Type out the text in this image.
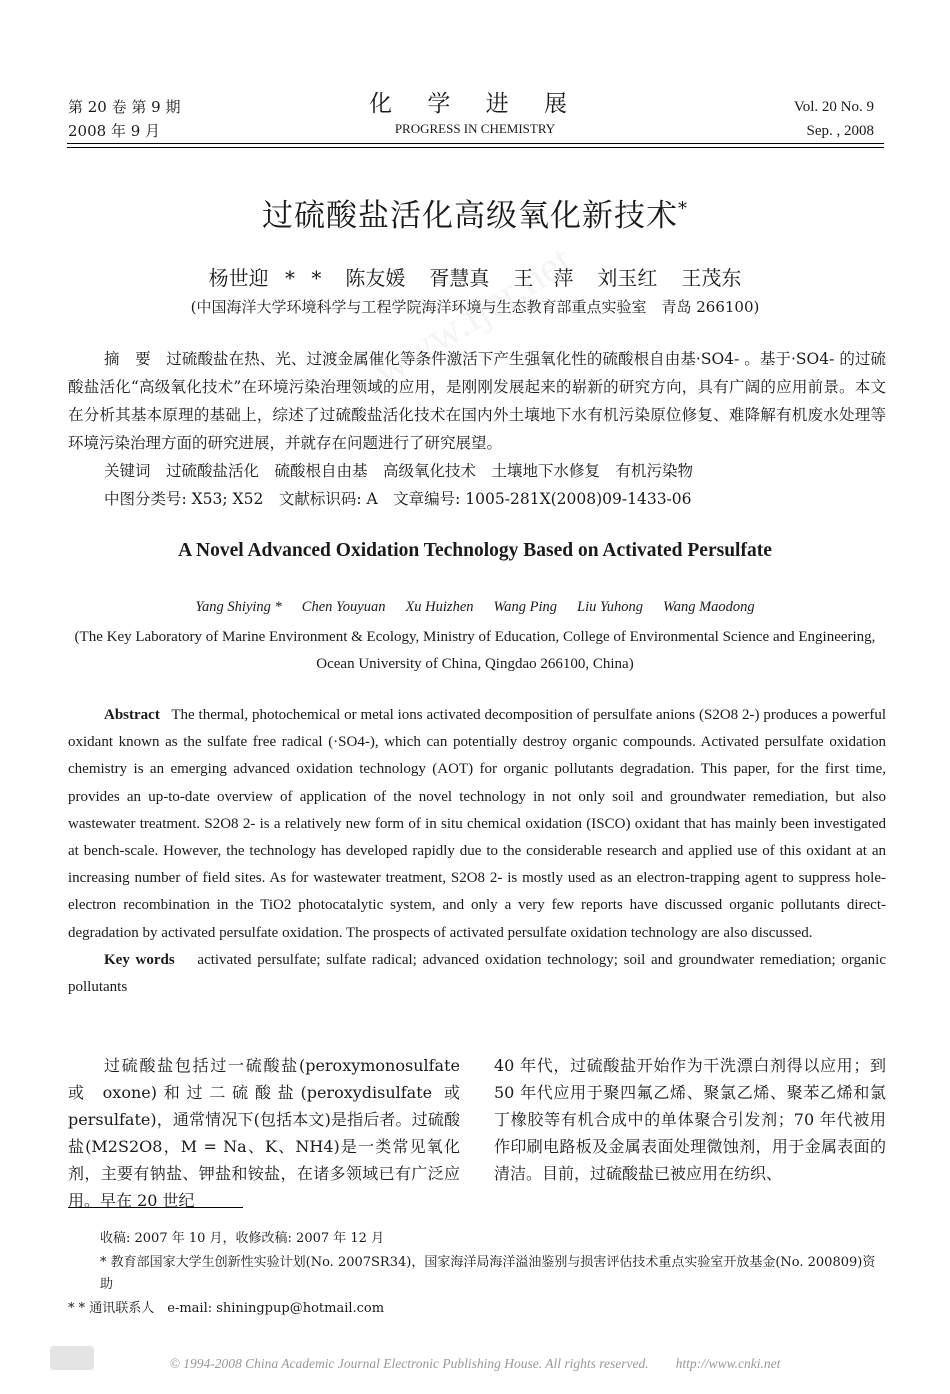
第 20 卷 第 9 期
2008 年 9 月
化 学 进 展
PROGRESS IN CHEMISTRY
Vol. 20 No. 9
Sep. , 2008
过硫酸盐活化高级氧化新技术*
杨世迎 * * 陈友媛 胥慧真 王　萍 刘玉红 王茂东
(中国海洋大学环境科学与工程学院海洋环境与生态教育部重点实验室　青岛 266100)

摘　要　过硫酸盐在热、光、过渡金属催化等条件激活下产生强氧化性的硫酸根自由基·SO4- 。基于·SO4- 的过硫酸盐活化“高级氧化技术”在环境污染治理领域的应用，是刚刚发展起来的崭新的研究方向，具有广阔的应用前景。本文在分析其基本原理的基础上，综述了过硫酸盐活化技术在国内外土壤地下水有机污染原位修复、难降解有机废水处理等环境污染治理方面的研究进展，并就存在问题进行了研究展望。

关键词　过硫酸盐活化　硫酸根自由基　高级氧化技术　土壤地下水修复　有机污染物

中图分类号: X53; X52　文献标识码: A　文章编号: 1005-281X(2008)09-1433-06

A Novel Advanced Oxidation Technology Based on Activated Persulfate
Yang Shiying * Chen Youyuan Xu Huizhen Wang Ping Liu Yuhong Wang Maodong
(The Key Laboratory of Marine Environment & Ecology, Ministry of Education, College of Environmental Science and Engineering, Ocean University of China, Qingdao 266100, China)

Abstract The thermal, photochemical or metal ions activated decomposition of persulfate anions (S2O8 2-) produces a powerful oxidant known as the sulfate free radical (·SO4-), which can potentially destroy organic compounds. Activated persulfate oxidation chemistry is an emerging advanced oxidation technology (AOT) for organic pollutants degradation. This paper, for the first time, provides an up-to-date overview of application of the novel technology in not only soil and groundwater remediation, but also wastewater treatment. S2O8 2- is a relatively new form of in situ chemical oxidation (ISCO) oxidant that has mainly been investigated at bench-scale. However, the technology has developed rapidly due to the considerable research and applied use of this oxidant at an increasing number of field sites. As for wastewater treatment, S2O8 2- is mostly used as an electron-trapping agent to suppress hole-electron recombination in the TiO2 photocatalytic system, and only a very few reports have discussed organic pollutants direct-degradation by activated persulfate oxidation. The prospects of activated persulfate oxidation technology are also discussed.

Key words activated persulfate; sulfate radical; advanced oxidation technology; soil and groundwater remediation; organic pollutants

过硫酸盐包括过一硫酸盐(peroxymonosulfate 或 oxone)和过二硫酸盐(peroxydisulfate 或 persulfate)，通常情况下(包括本文)是指后者。过硫酸盐(M2S2O8，M = Na、K、NH4)是一类常见氧化剂，主要有钠盐、钾盐和铵盐，在诸多领域已有广泛应用。早在 20 世纪
40 年代，过硫酸盐开始作为干洗漂白剂得以应用；到 50 年代应用于聚四氟乙烯、聚氯乙烯、聚苯乙烯和氯丁橡胶等有机合成中的单体聚合引发剂；70 年代被用作印刷电路板及金属表面处理微蚀剂，用于金属表面的清洁。目前，过硫酸盐已被应用在纺织、

收稿: 2007 年 10 月，收修改稿: 2007 年 12 月

* 教育部国家大学生创新性实验计划(No. 2007SR34)，国家海洋局海洋溢油鉴别与损害评估技术重点实验室开放基金(No. 200809)资助

* * 通讯联系人　e-mail: shiningpup@hotmail.com

© 1994-2008 China Academic Journal Electronic Publishing House. All rights reserved.　　http://www.cnki.net
